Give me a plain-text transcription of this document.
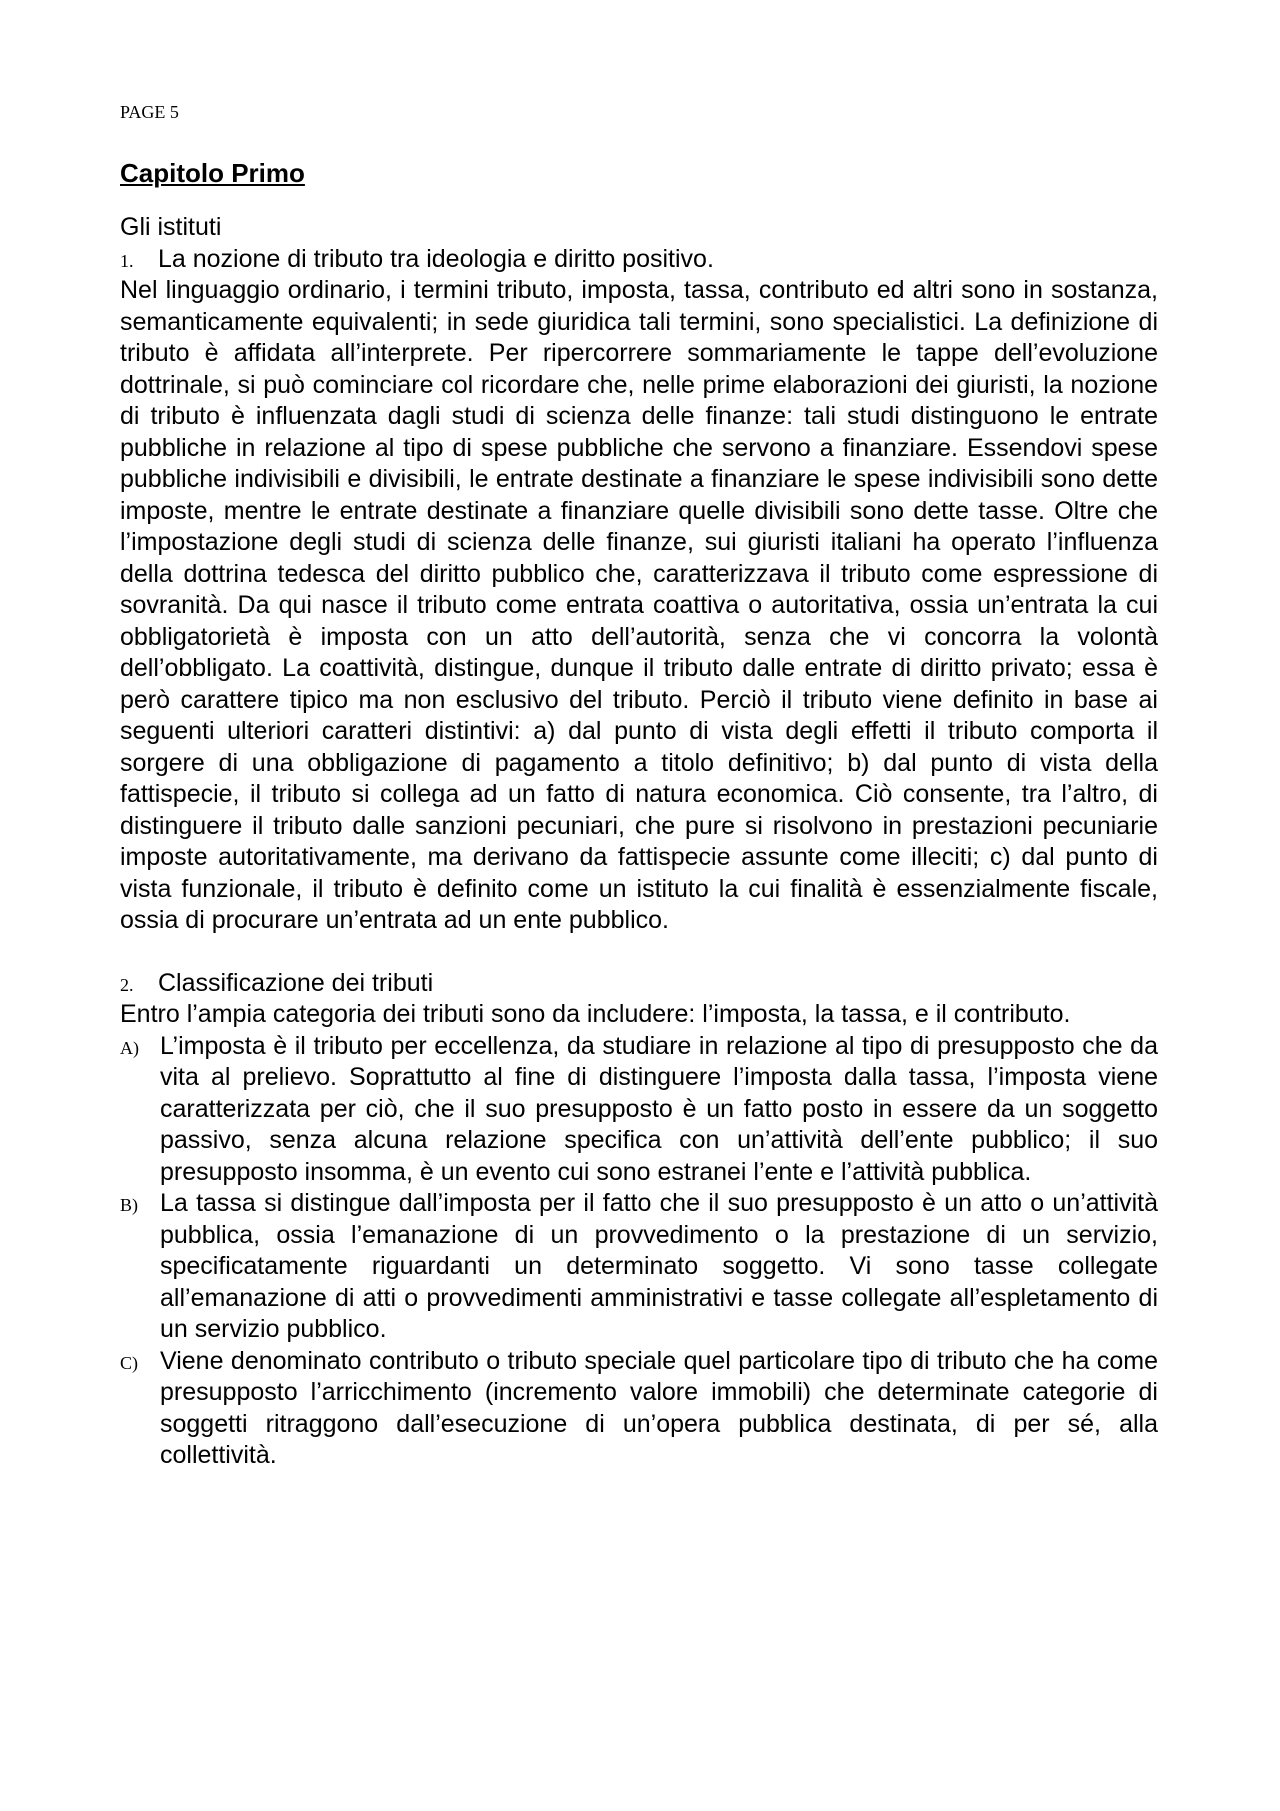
PAGE 5
Capitolo Primo

Gli istituti

1. La nozione di tributo tra ideologia e diritto positivo.

Nel linguaggio ordinario, i termini tributo, imposta, tassa, contributo ed altri sono in sostanza, semanticamente equivalenti; in sede giuridica tali termini, sono specialistici. La definizione di tributo è affidata all’interprete. Per ripercorrere sommariamente le tappe dell’evoluzione dottrinale, si può cominciare col ricordare che, nelle prime elaborazioni dei giuristi, la nozione di tributo è influenzata dagli studi di scienza delle finanze: tali studi distinguono le entrate pubbliche in relazione al tipo di spese pubbliche che servono a finanziare. Essendovi spese pubbliche indivisibili e divisibili, le entrate destinate a finanziare le spese indivisibili sono dette imposte, mentre le entrate destinate a finanziare quelle divisibili sono dette tasse. Oltre che l’impostazione degli studi di scienza delle finanze, sui giuristi italiani ha operato l’influenza della dottrina tedesca del diritto pubblico che, caratterizzava il tributo come espressione di sovranità. Da qui nasce il tributo come entrata coattiva o autoritativa, ossia un’entrata la cui obbligatorietà è imposta con un atto dell’autorità, senza che vi concorra la volontà dell’obbligato. La coattività, distingue, dunque il tributo dalle entrate di diritto privato; essa è però carattere tipico ma non esclusivo del tributo. Perciò il tributo viene definito in base ai seguenti ulteriori caratteri distintivi: a) dal punto di vista degli effetti il tributo comporta il sorgere di una obbligazione di pagamento a titolo definitivo; b) dal punto di vista della fattispecie, il tributo si collega ad un fatto di natura economica. Ciò consente, tra l’altro, di distinguere il tributo dalle sanzioni pecuniari, che pure si risolvono in prestazioni pecuniarie imposte autoritativamente, ma derivano da fattispecie assunte come illeciti; c) dal punto di vista funzionale, il tributo è definito come un istituto la cui finalità è essenzialmente fiscale, ossia di procurare un’entrata ad un ente pubblico.

2. Classificazione dei tributi

Entro l’ampia categoria dei tributi sono da includere: l’imposta, la tassa, e il contributo.

A) L’imposta è il tributo per eccellenza, da studiare in relazione al tipo di presupposto che da vita al prelievo. Soprattutto al fine di distinguere l’imposta dalla tassa, l’imposta viene caratterizzata per ciò, che il suo presupposto è un fatto posto in essere da un soggetto passivo, senza alcuna relazione specifica con un’attività dell’ente pubblico; il suo presupposto insomma, è un evento cui sono estranei l’ente e l’attività pubblica.
B) La tassa si distingue dall’imposta per il fatto che il suo presupposto è un atto o un’attività pubblica, ossia l’emanazione di un provvedimento o la prestazione di un servizio, specificatamente riguardanti un determinato soggetto. Vi sono tasse collegate all’emanazione di atti o provvedimenti amministrativi e tasse collegate all’espletamento di un servizio pubblico.
C) Viene denominato contributo o tributo speciale quel particolare tipo di tributo che ha come presupposto l’arricchimento (incremento valore immobili) che determinate categorie di soggetti ritraggono dall’esecuzione di un’opera pubblica destinata, di per sé, alla collettività.
